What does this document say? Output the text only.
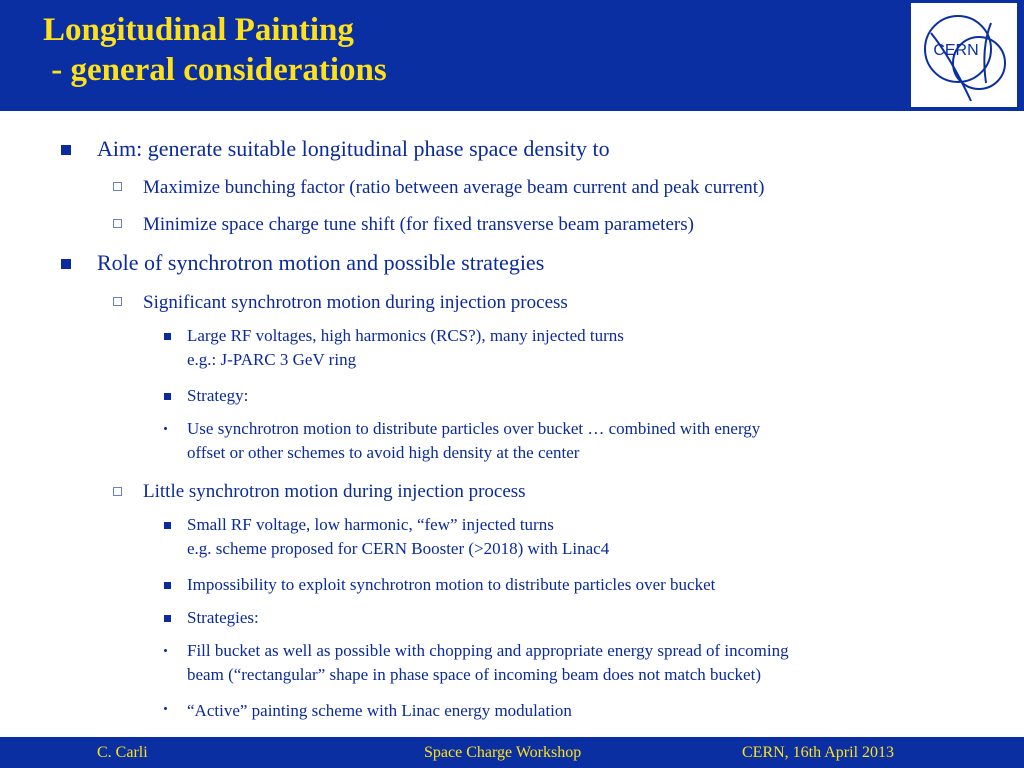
Longitudinal Painting
- general considerations
CERN
Aim: generate suitable longitudinal phase space density to
Maximize bunching factor (ratio between average beam current and peak current)
Minimize space charge tune shift (for fixed transverse beam parameters)
Role of synchrotron motion and possible strategies
Significant synchrotron motion during injection process
Large RF voltages, high harmonics (RCS?), many injected turns
e.g.: J-PARC 3 GeV ring
Strategy:
Use synchrotron motion to distribute particles over bucket … combined with energy
offset or other schemes to avoid high density at the center
Little synchrotron motion during injection process
Small RF voltage, low harmonic, “few” injected turns
e.g. scheme proposed for CERN Booster (>2018) with Linac4
Impossibility to exploit synchrotron motion to distribute particles over bucket
Strategies:
Fill bucket as well as possible with chopping and appropriate energy spread of incoming
beam (“rectangular” shape in phase space of incoming beam does not match bucket)
“Active” painting scheme with Linac energy modulation
C. Carli	Space Charge Workshop	CERN, 16th April 2013
